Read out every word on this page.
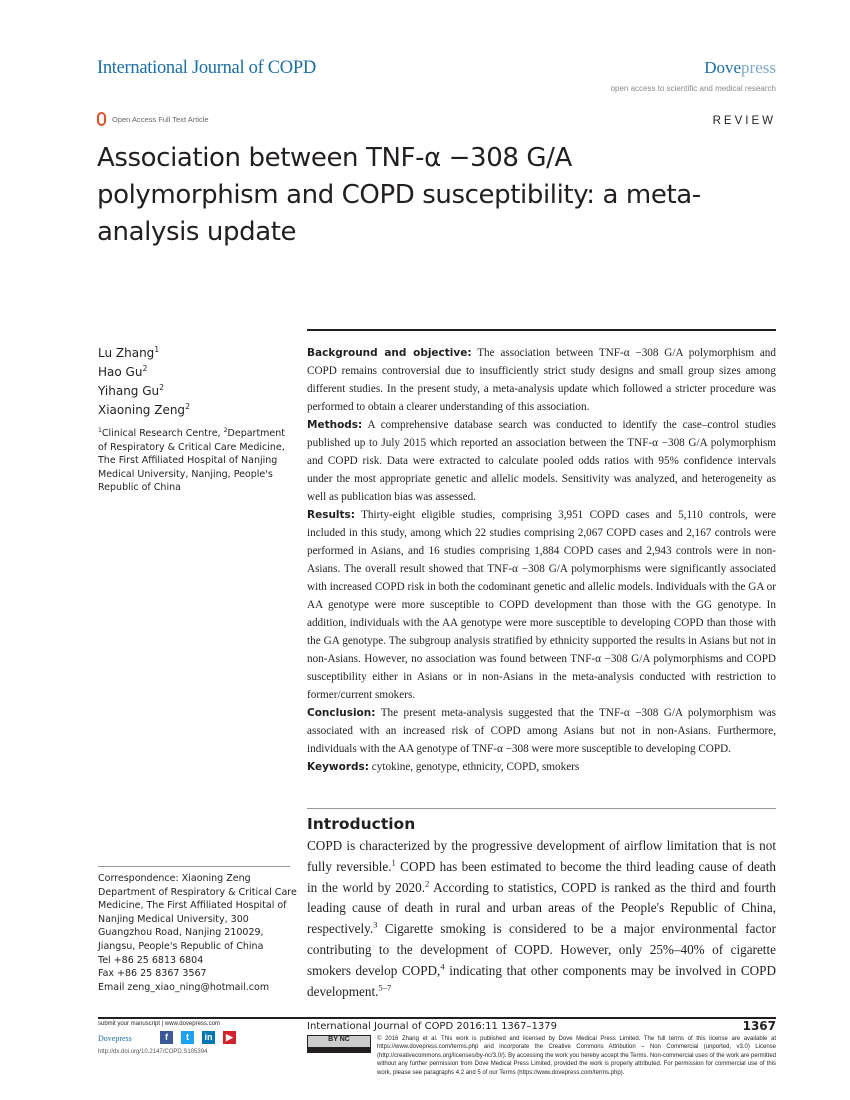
International Journal of COPD	Dovepress
open access to scientific and medical research
Open Access Full Text Article	REVIEW
Association between TNF-α −308 G/A polymorphism and COPD susceptibility: a meta-analysis update
Lu Zhang$^1$
Hao Gu$^2$
Yihang Gu$^2$
Xiaoning Zeng$^2$
$^1$Clinical Research Centre, $^2$Department of Respiratory & Critical Care Medicine, The First Affiliated Hospital of Nanjing Medical University, Nanjing, People's Republic of China

Background and objective: The association between TNF-α −308 G/A polymorphism and COPD remains controversial due to insufficiently strict study designs and small group sizes among different studies. In the present study, a meta-analysis update which followed a stricter procedure was performed to obtain a clearer understanding of this association.

Methods: A comprehensive database search was conducted to identify the case–control studies published up to July 2015 which reported an association between the TNF-α −308 G/A polymorphism and COPD risk. Data were extracted to calculate pooled odds ratios with 95% confidence intervals under the most appropriate genetic and allelic models. Sensitivity was analyzed, and heterogeneity as well as publication bias was assessed.

Results: Thirty-eight eligible studies, comprising 3,951 COPD cases and 5,110 controls, were included in this study, among which 22 studies comprising 2,067 COPD cases and 2,167 controls were performed in Asians, and 16 studies comprising 1,884 COPD cases and 2,943 controls were in non-Asians. The overall result showed that TNF-α −308 G/A polymorphisms were significantly associated with increased COPD risk in both the codominant genetic and allelic models. Individuals with the GA or AA genotype were more susceptible to COPD development than those with the GG genotype. In addition, individuals with the AA genotype were more susceptible to developing COPD than those with the GA genotype. The subgroup analysis stratified by ethnicity supported the results in Asians but not in non-Asians. However, no association was found between TNF-α −308 G/A polymorphisms and COPD susceptibility either in Asians or in non-Asians in the meta-analysis conducted with restriction to former/current smokers.

Conclusion: The present meta-analysis suggested that the TNF-α −308 G/A polymorphism was associated with an increased risk of COPD among Asians but not in non-Asians. Furthermore, individuals with the AA genotype of TNF-α −308 were more susceptible to developing COPD.

Keywords: cytokine, genotype, ethnicity, COPD, smokers

Introduction
COPD is characterized by the progressive development of airflow limitation that is not fully reversible.$^1$ COPD has been estimated to become the third leading cause of death in the world by 2020.$^2$ According to statistics, COPD is ranked as the third and fourth leading cause of death in rural and urban areas of the People's Republic of China, respectively.$^3$ Cigarette smoking is considered to be a major environmental factor contributing to the development of COPD. However, only 25%–40% of cigarette smokers develop COPD,$^4$ indicating that other components may be involved in COPD development.$^{5-7}$
Correspondence: Xiaoning Zeng
Department of Respiratory & Critical Care Medicine, The First Affiliated Hospital of Nanjing Medical University, 300 Guangzhou Road, Nanjing 210029, Jiangsu, People's Republic of China
Tel +86 25 6813 6804
Fax +86 25 8367 3567
Email zeng_xiao_ning@hotmail.com
submit your manuscript | www.dovepress.com
Dovepress	f	t	in	▶
http://dx.doi.org/10.2147/COPD.S105394
International Journal of COPD 2016:11 1367–1379	1367
BY NC	© 2016 Zhang et al. This work is published and licensed by Dove Medical Press Limited. The full terms of this license are available at https://www.dovepress.com/terms.php and incorporate the Creative Commons Attribution – Non Commercial (unported, v3.0) License (http://creativecommons.org/licenses/by-nc/3.0/). By accessing the work you hereby accept the Terms. Non-commercial uses of the work are permitted without any further permission from Dove Medical Press Limited, provided the work is properly attributed. For permission for commercial use of this work, please see paragraphs 4.2 and 5 of our Terms (https://www.dovepress.com/terms.php).
